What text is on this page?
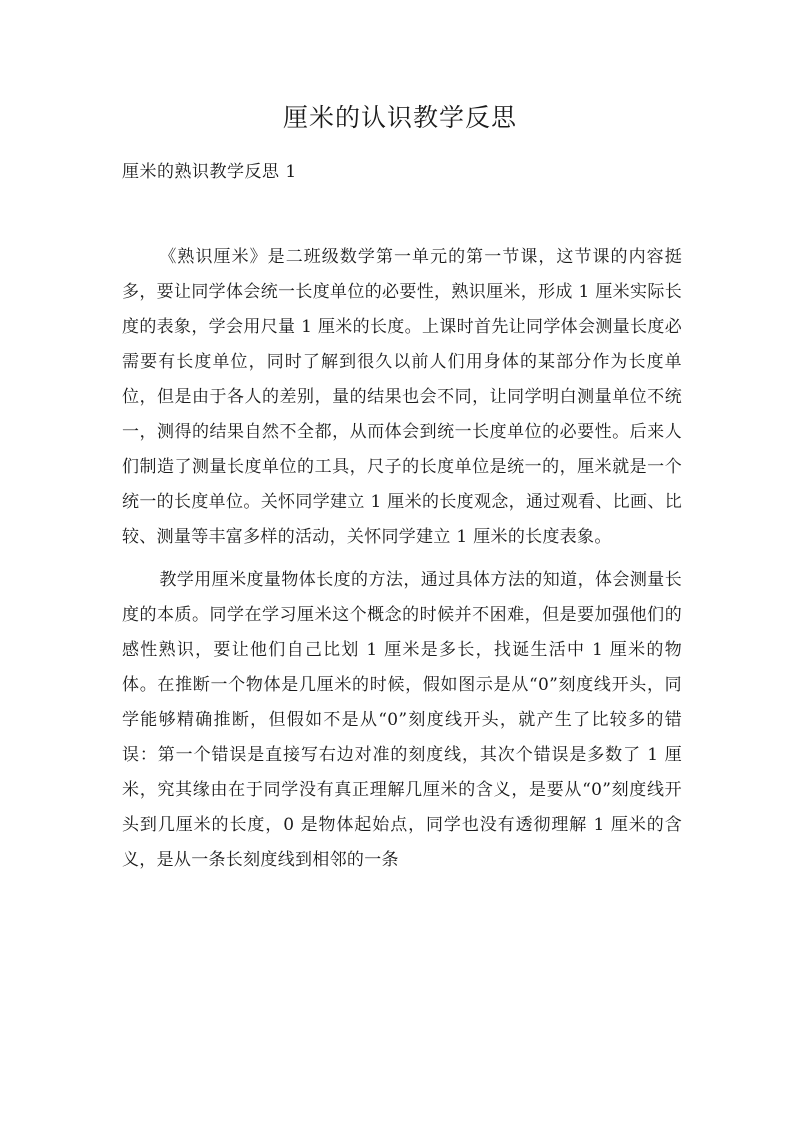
厘米的认识教学反思
厘米的熟识教学反思 1

《熟识厘米》是二班级数学第一单元的第一节课，这节课的内容挺多，要让同学体会统一长度单位的必要性，熟识厘米，形成 1 厘米实际长度的表象，学会用尺量 1 厘米的长度。上课时首先让同学体会测量长度必需要有长度单位，同时了解到很久以前人们用身体的某部分作为长度单位，但是由于各人的差别，量的结果也会不同，让同学明白测量单位不统一，测得的结果自然不全都，从而体会到统一长度单位的必要性。后来人们制造了测量长度单位的工具，尺子的长度单位是统一的，厘米就是一个统一的长度单位。关怀同学建立 1 厘米的长度观念，通过观看、比画、比较、测量等丰富多样的活动，关怀同学建立 1 厘米的长度表象。

教学用厘米度量物体长度的方法，通过具体方法的知道，体会测量长度的本质。同学在学习厘米这个概念的时候并不困难，但是要加强他们的感性熟识，要让他们自己比划 1 厘米是多长，找诞生活中 1 厘米的物体。在推断一个物体是几厘米的时候，假如图示是从“0”刻度线开头，同学能够精确推断，但假如不是从“0”刻度线开头，就产生了比较多的错误：第一个错误是直接写右边对准的刻度线，其次个错误是多数了 1 厘米，究其缘由在于同学没有真正理解几厘米的含义，是要从“0”刻度线开头到几厘米的长度，0 是物体起始点，同学也没有透彻理解 1 厘米的含义，是从一条长刻度线到相邻的一条
